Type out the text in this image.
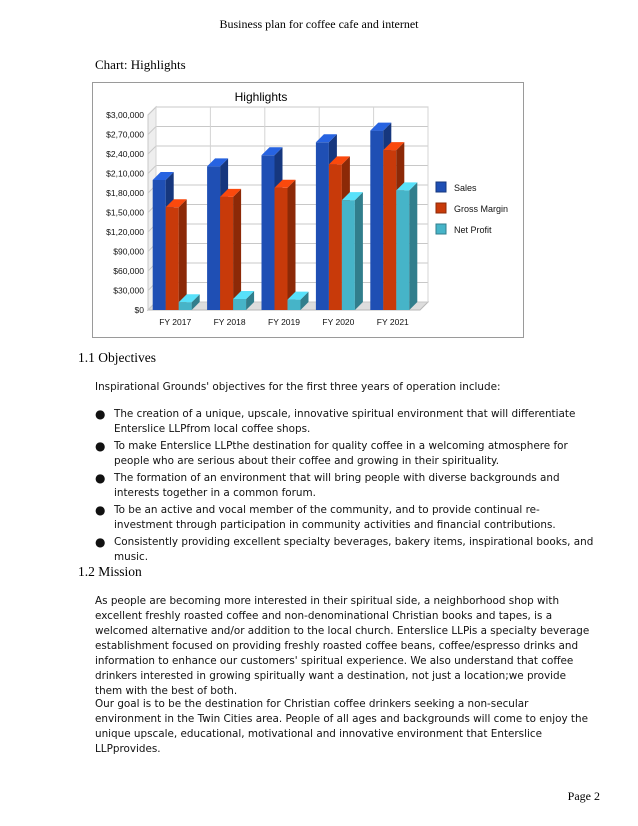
Business plan for coffee cafe and internet
Chart: Highlights
Highlights
$0
$30,000
$60,000
$90,000
$1,20,000
$1,50,000
$1,80,000
$2,10,000
$2,40,000
$2,70,000
$3,00,000
FY 2017	FY 2018	FY 2019	FY 2020	FY 2021
Sales
Gross Margin
Net Profit
1.1 Objectives

Inspirational Grounds' objectives for the first three years of operation include:

● The creation of a unique, upscale, innovative spiritual environment that will differentiate Enterslice LLPfrom local coffee shops.
● To make Enterslice LLPthe destination for quality coffee in a welcoming atmosphere for people who are serious about their coffee and growing in their spirituality.
● The formation of an environment that will bring people with diverse backgrounds and interests together in a common forum.
● To be an active and vocal member of the community, and to provide continual re-investment through participation in community activities and financial contributions.
● Consistently providing excellent specialty beverages, bakery items, inspirational books, and music.
1.2 Mission

As people are becoming more interested in their spiritual side, a neighborhood shop with excellent freshly roasted coffee and non-denominational Christian books and tapes, is a welcomed alternative and/or addition to the local church. Enterslice LLPis a specialty beverage establishment focused on providing freshly roasted coffee beans, coffee/espresso drinks and information to enhance our customers' spiritual experience. We also understand that coffee drinkers interested in growing spiritually want a destination, not just a location;we provide them with the best of both.

Our goal is to be the destination for Christian coffee drinkers seeking a non-secular environment in the Twin Cities area. People of all ages and backgrounds will come to enjoy the unique upscale, educational, motivational and innovative environment that Enterslice LLPprovides.

Page 2
